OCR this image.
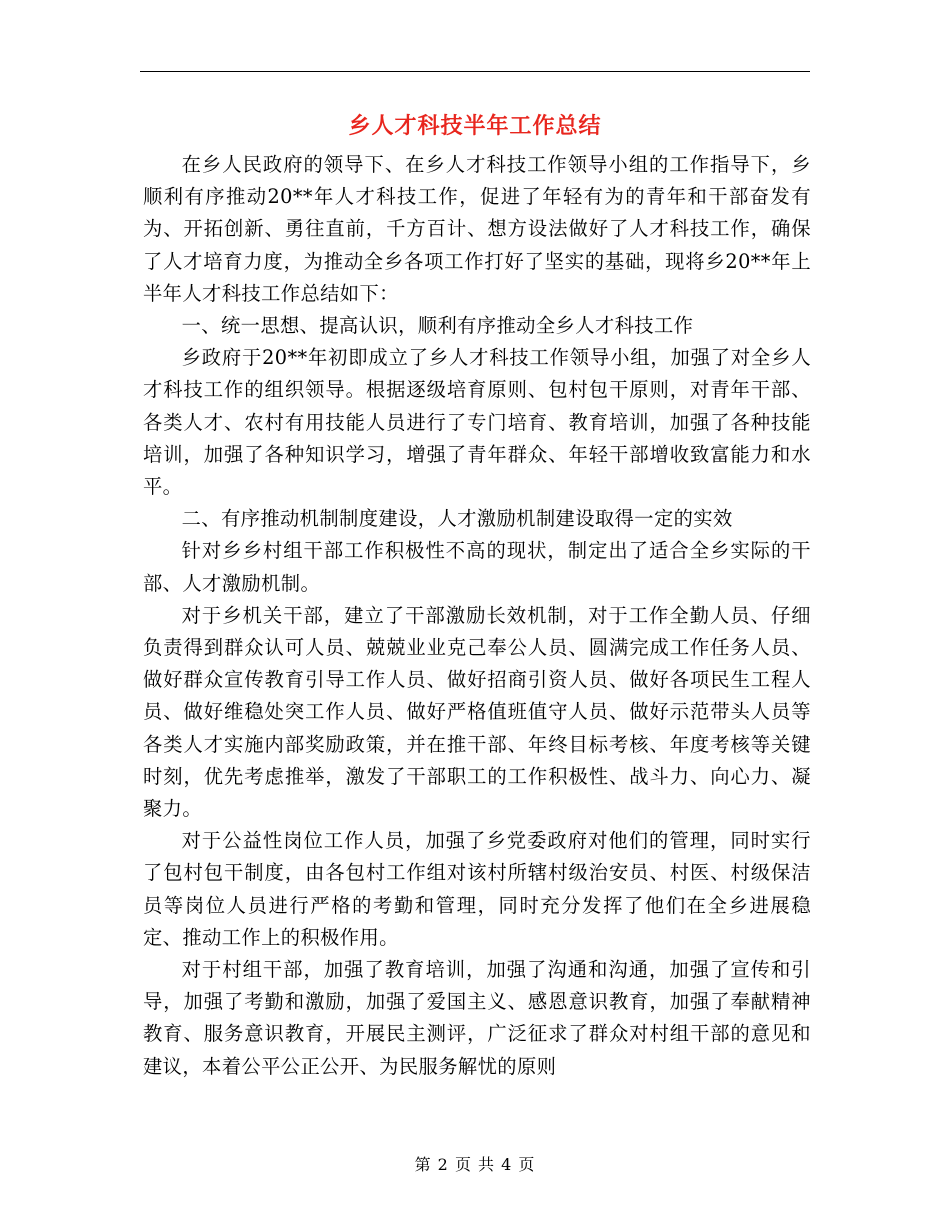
乡人才科技半年工作总结

在乡人民政府的领导下、在乡人才科技工作领导小组的工作指导下，乡顺利有序推动20**年人才科技工作，促进了年轻有为的青年和干部奋发有为、开拓创新、勇往直前，千方百计、想方设法做好了人才科技工作，确保了人才培育力度，为推动全乡各项工作打好了坚实的基础，现将乡20**年上半年人才科技工作总结如下：

一、统一思想、提高认识，顺利有序推动全乡人才科技工作

乡政府于20**年初即成立了乡人才科技工作领导小组，加强了对全乡人才科技工作的组织领导。根据逐级培育原则、包村包干原则，对青年干部、各类人才、农村有用技能人员进行了专门培育、教育培训，加强了各种技能培训，加强了各种知识学习，增强了青年群众、年轻干部增收致富能力和水平。

二、有序推动机制制度建设，人才激励机制建设取得一定的实效

针对乡乡村组干部工作积极性不高的现状，制定出了适合全乡实际的干部、人才激励机制。

对于乡机关干部，建立了干部激励长效机制，对于工作全勤人员、仔细负责得到群众认可人员、兢兢业业克己奉公人员、圆满完成工作任务人员、做好群众宣传教育引导工作人员、做好招商引资人员、做好各项民生工程人员、做好维稳处突工作人员、做好严格值班值守人员、做好示范带头人员等各类人才实施内部奖励政策，并在推干部、年终目标考核、年度考核等关键时刻，优先考虑推举，激发了干部职工的工作积极性、战斗力、向心力、凝聚力。

对于公益性岗位工作人员，加强了乡党委政府对他们的管理，同时实行了包村包干制度，由各包村工作组对该村所辖村级治安员、村医、村级保洁员等岗位人员进行严格的考勤和管理，同时充分发挥了他们在全乡进展稳定、推动工作上的积极作用。

对于村组干部，加强了教育培训，加强了沟通和沟通，加强了宣传和引导，加强了考勤和激励，加强了爱国主义、感恩意识教育，加强了奉献精神教育、服务意识教育，开展民主测评，广泛征求了群众对村组干部的意见和建议，本着公平公正公开、为民服务解忧的原则

第 2 页 共 4 页
